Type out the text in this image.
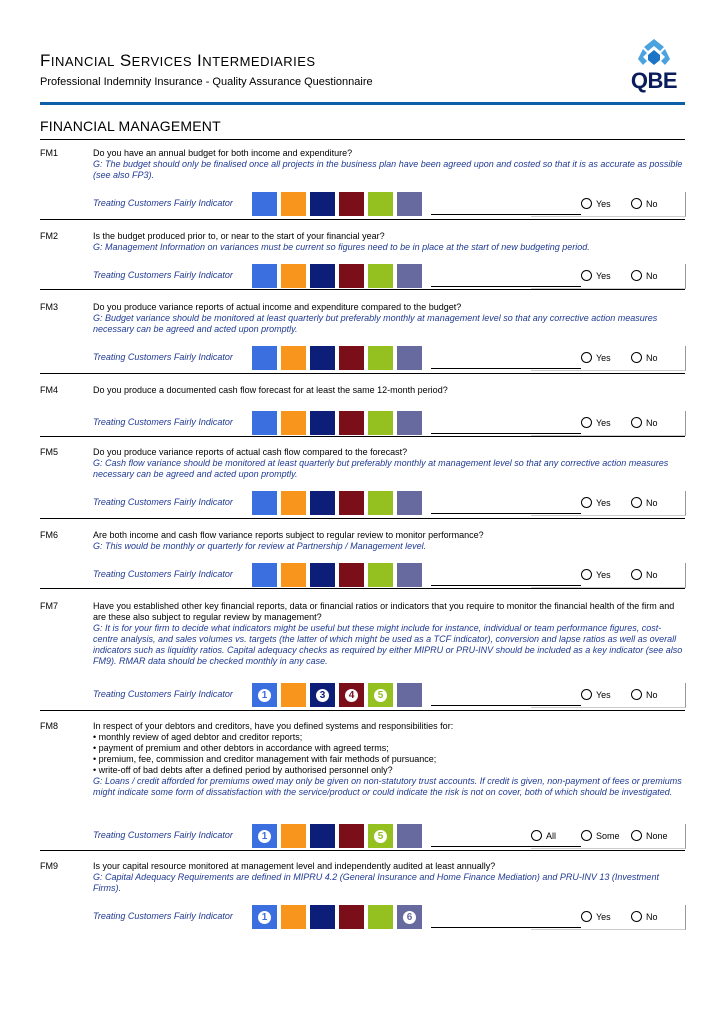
FINANCIAL SERVICES INTERMEDIARIES
Professional Indemnity Insurance - Quality Assurance Questionnaire	QBE
FINANCIAL MANAGEMENT
FM1	Do you have an annual budget for both income and expenditure?
G: The budget should only be finalised once all projects in the business plan have been agreed upon and costed so that it is as accurate as possible (see also FP3).
Treating Customers Fairly Indicator	Yes	No
FM2	Is the budget produced prior to, or near to the start of your financial year?
G: Management Information on variances must be current so figures need to be in place at the start of new budgeting period.
Treating Customers Fairly Indicator	Yes	No
FM3	Do you produce variance reports of actual income and expenditure compared to the budget?
G: Budget variance should be monitored at least quarterly but preferably monthly at management level so that any corrective action measures necessary can be agreed and acted upon promptly.
Treating Customers Fairly Indicator	Yes	No
FM4	Do you produce a documented cash flow forecast for at least the same 12-month period?
Treating Customers Fairly Indicator	Yes	No
FM5	Do you produce variance reports of actual cash flow compared to the forecast?
G: Cash flow variance should be monitored at least quarterly but preferably monthly at management level so that any corrective action measures necessary can be agreed and acted upon promptly.
Treating Customers Fairly Indicator	Yes	No
FM6	Are both income and cash flow variance reports subject to regular review to monitor performance?
G: This would be monthly or quarterly for review at Partnership / Management level.
Treating Customers Fairly Indicator	Yes	No
FM7	Have you established other key financial reports, data or financial ratios or indicators that you require to monitor the financial health of the firm and are these also subject to regular review by management?
G: It is for your firm to decide what indicators might be useful but these might include for instance, individual or team performance figures, cost-centre analysis, and sales volumes vs. targets (the latter of which might be used as a TCF indicator), conversion and lapse ratios as well as overall indicators such as liquidity ratios. Capital adequacy checks as required by either MIPRU or PRU-INV should be included as a key indicator (see also FM9). RMAR data should be checked monthly in any case.
Treating Customers Fairly Indicator	1	3	4	5	Yes	No
FM8	In respect of your debtors and creditors, have you defined systems and responsibilities for:
• monthly review of aged debtor and creditor reports;
• payment of premium and other debtors in accordance with agreed terms;
• premium, fee, commission and creditor management with fair methods of pursuance;
• write-off of bad debts after a defined period by authorised personnel only?
G: Loans / credit afforded for premiums owed may only be given on non-statutory trust accounts. If credit is given, non-payment of fees or premiums might indicate some form of dissatisfaction with the service/product or could indicate the risk is not on cover, both of which should be investigated.
Treating Customers Fairly Indicator	1	5	All	Some	None
FM9	Is your capital resource monitored at management level and independently audited at least annually?
G: Capital Adequacy Requirements are defined in MIPRU 4.2 (General Insurance and Home Finance Mediation) and PRU-INV 13 (Investment Firms).
Treating Customers Fairly Indicator	1	6	Yes	No
